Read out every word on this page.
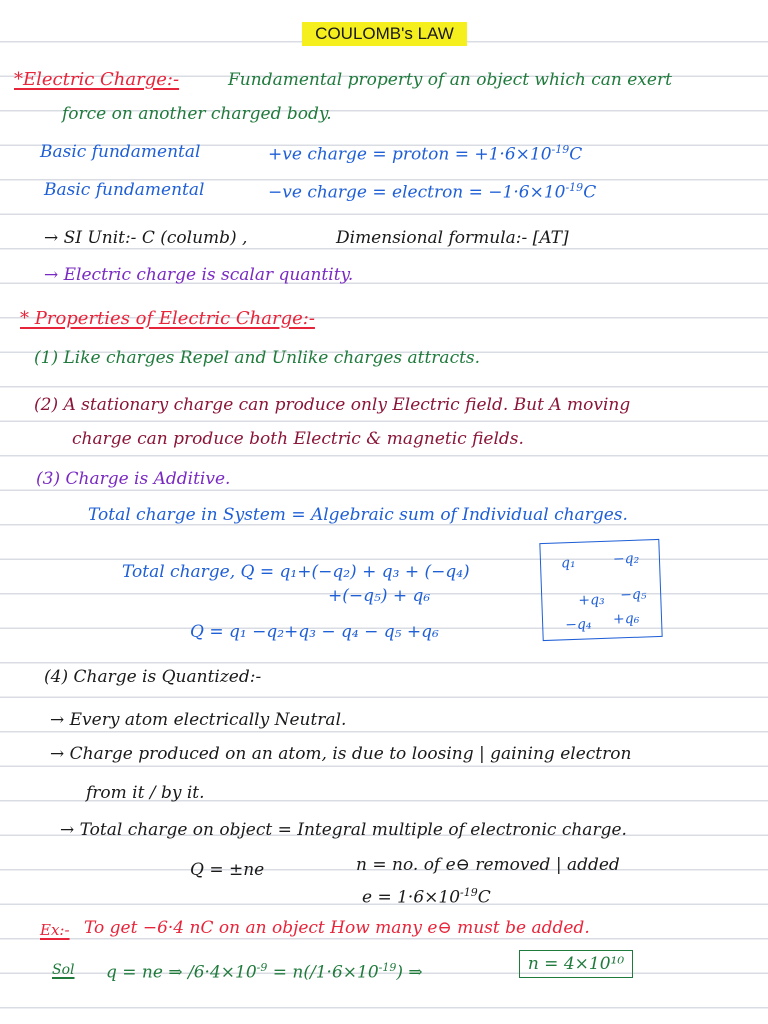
COULOMB's LAW
*Electric Charge:-	Fundamental property of an object which can exert
force on another charged body.
Basic fundamental	+ve charge = proton = $+1\cdot 6\times 10^{-19}C$
Basic fundamental	−ve charge = electron = $-1\cdot 6\times 10^{-19}C$
→ SI Unit:- C (columb) ,	Dimensional formula:- [AT]
→ Electric charge is scalar quantity.
* Properties of Electric Charge:-
(1) Like charges Repel and Unlike charges attracts.
(2) A stationary charge can produce only Electric field. But A moving
charge can produce both Electric & magnetic fields.
(3) Charge is Additive.
Total charge in System = Algebraic sum of Individual charges.
Total charge, Q = q₁+(−q₂) + q₃ + (−q₄)
+(−q₅) + q₆
Q = q₁ −q₂+q₃ − q₄ − q₅ +q₆
q₁	−q₂
+q₃ −q₅
−q₄ +q₆
(4) Charge is Quantized:-
→ Every atom electrically Neutral.
→ Charge produced on an atom, is due to loosing | gaining electron
from it / by it.
→ Total charge on object = Integral multiple of electronic charge.
Q = ±ne	n = no. of e⊖ removed | added
$e = 1\cdot 6\times 10^{-19}C$
Ex:- To get −6·4 nC on an object How many e⊖ must be added.
Sol q = ne ⇒ $∕6\cdot 4\times 10^{-9}$ = $n(∕1\cdot 6\times 10^{-19})$ ⇒	n = 4×10¹⁰
